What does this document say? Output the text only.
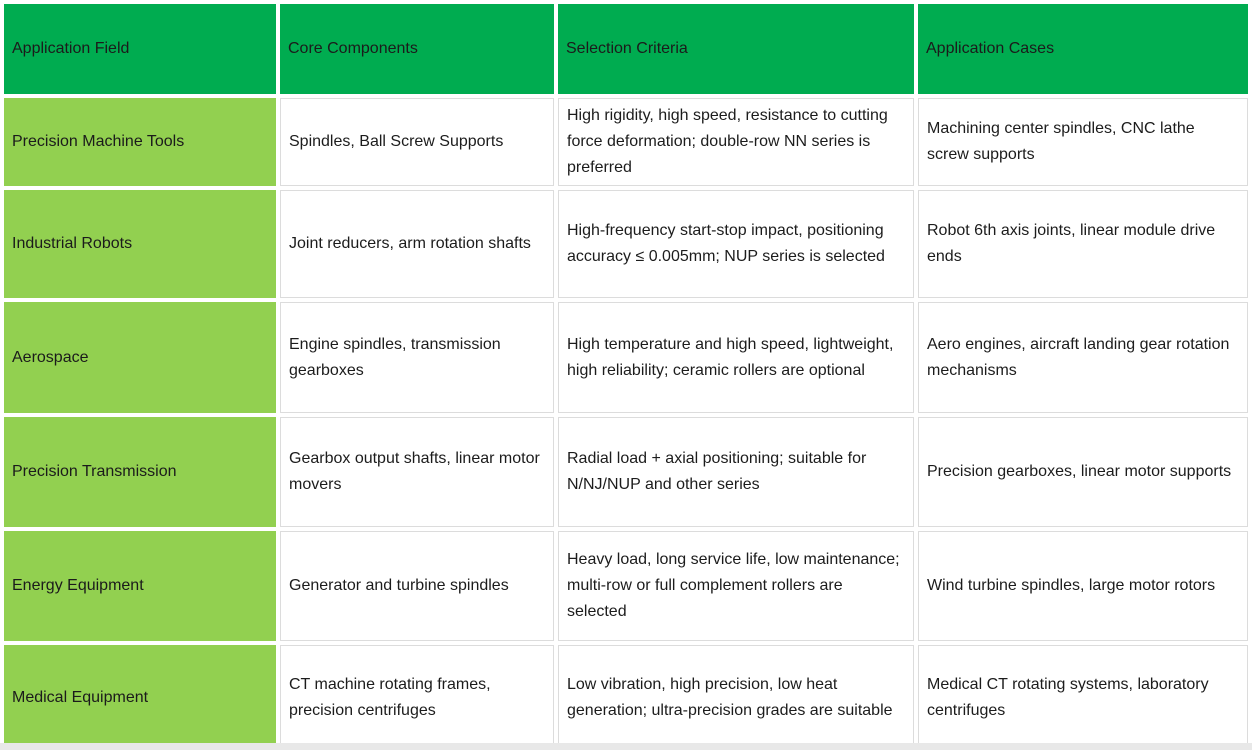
Application Field	Core Components	Selection Criteria	Application Cases
Precision Machine Tools	Spindles, Ball Screw Supports	High rigidity, high speed, resistance to cutting force deformation; double-row NN series is preferred	Machining center spindles, CNC lathe screw supports
Industrial Robots	Joint reducers, arm rotation shafts	High-frequency start-stop impact, positioning accuracy ≤ 0.005mm; NUP series is selected	Robot 6th axis joints, linear module drive ends
Aerospace	Engine spindles, transmission gearboxes	High temperature and high speed, lightweight, high reliability; ceramic rollers are optional	Aero engines, aircraft landing gear rotation mechanisms
Precision Transmission	Gearbox output shafts, linear motor movers	Radial load + axial positioning; suitable for N/NJ/NUP and other series	Precision gearboxes, linear motor supports
Energy Equipment	Generator and turbine spindles	Heavy load, long service life, low maintenance; multi-row or full complement rollers are selected	Wind turbine spindles, large motor rotors
Medical Equipment	CT machine rotating frames, precision centrifuges	Low vibration, high precision, low heat generation; ultra-precision grades are suitable	Medical CT rotating systems, laboratory centrifuges
